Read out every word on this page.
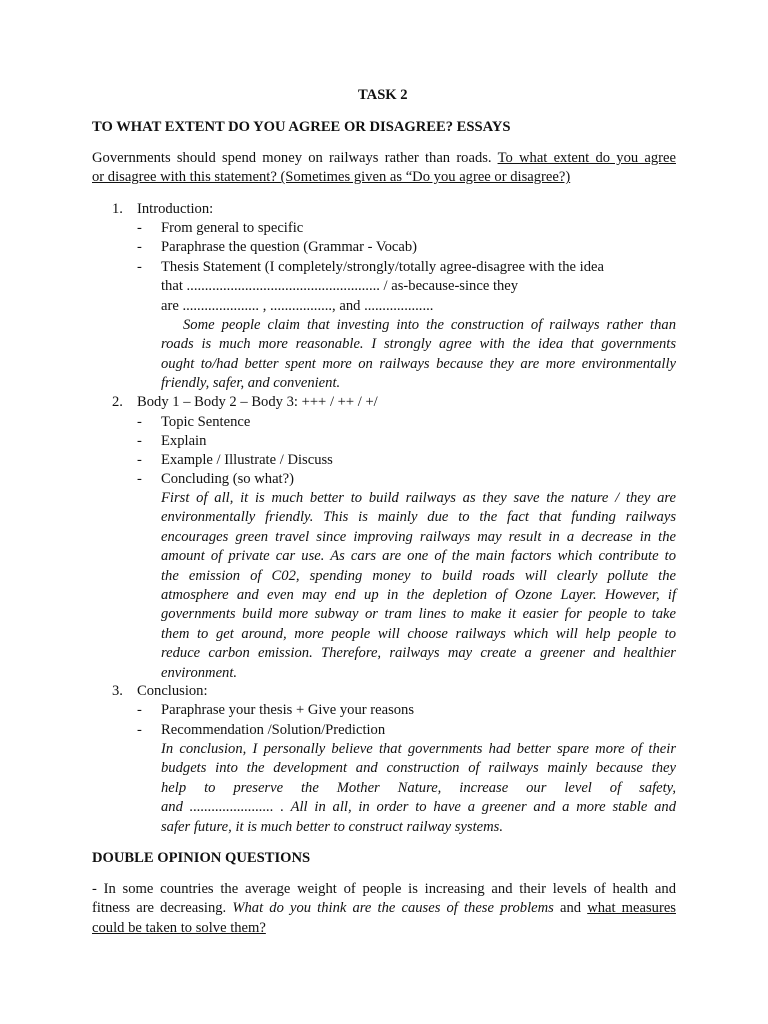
TASK 2
TO WHAT EXTENT DO YOU AGREE OR DISAGREE? ESSAYS
Governments should spend money on railways rather than roads. To what extent do you agree
or disagree with this statement? (Sometimes given as “Do you agree or disagree?)
1. Introduction:
- From general to specific
- Paraphrase the question (Grammar - Vocab)
- Thesis Statement (I completely/strongly/totally agree-disagree with the idea
that ..................................................... / as-because-since they
are ..................... , ................., and ...................
Some people claim that investing into the construction of railways rather than
roads is much more reasonable. I strongly agree with the idea that governments
ought to/had better spent more on railways because they are more environmentally
friendly, safer, and convenient.
2. Body 1 – Body 2 – Body 3: +++ / ++ / +/
- Topic Sentence
- Explain
- Example / Illustrate / Discuss
- Concluding (so what?)
First of all, it is much better to build railways as they save the nature / they are
environmentally friendly. This is mainly due to the fact that funding railways
encourages green travel since improving railways may result in a decrease in the
amount of private car use. As cars are one of the main factors which contribute to
the emission of C02, spending money to build roads will clearly pollute the
atmosphere and even may end up in the depletion of Ozone Layer. However, if
governments build more subway or tram lines to make it easier for people to take
them to get around, more people will choose railways which will help people to
reduce carbon emission. Therefore, railways may create a greener and healthier
environment.
3. Conclusion:
- Paraphrase your thesis + Give your reasons
- Recommendation /Solution/Prediction
In conclusion, I personally believe that governments had better spare more of their
budgets into the development and construction of railways mainly because they
help to preserve the Mother Nature, increase our level of safety,
and ....................... . All in all, in order to have a greener and a more stable and
safer future, it is much better to construct railway systems.
DOUBLE OPINION QUESTIONS
- In some countries the average weight of people is increasing and their levels of health and
fitness are decreasing. What do you think are the causes of these problems and what measures
could be taken to solve them?
